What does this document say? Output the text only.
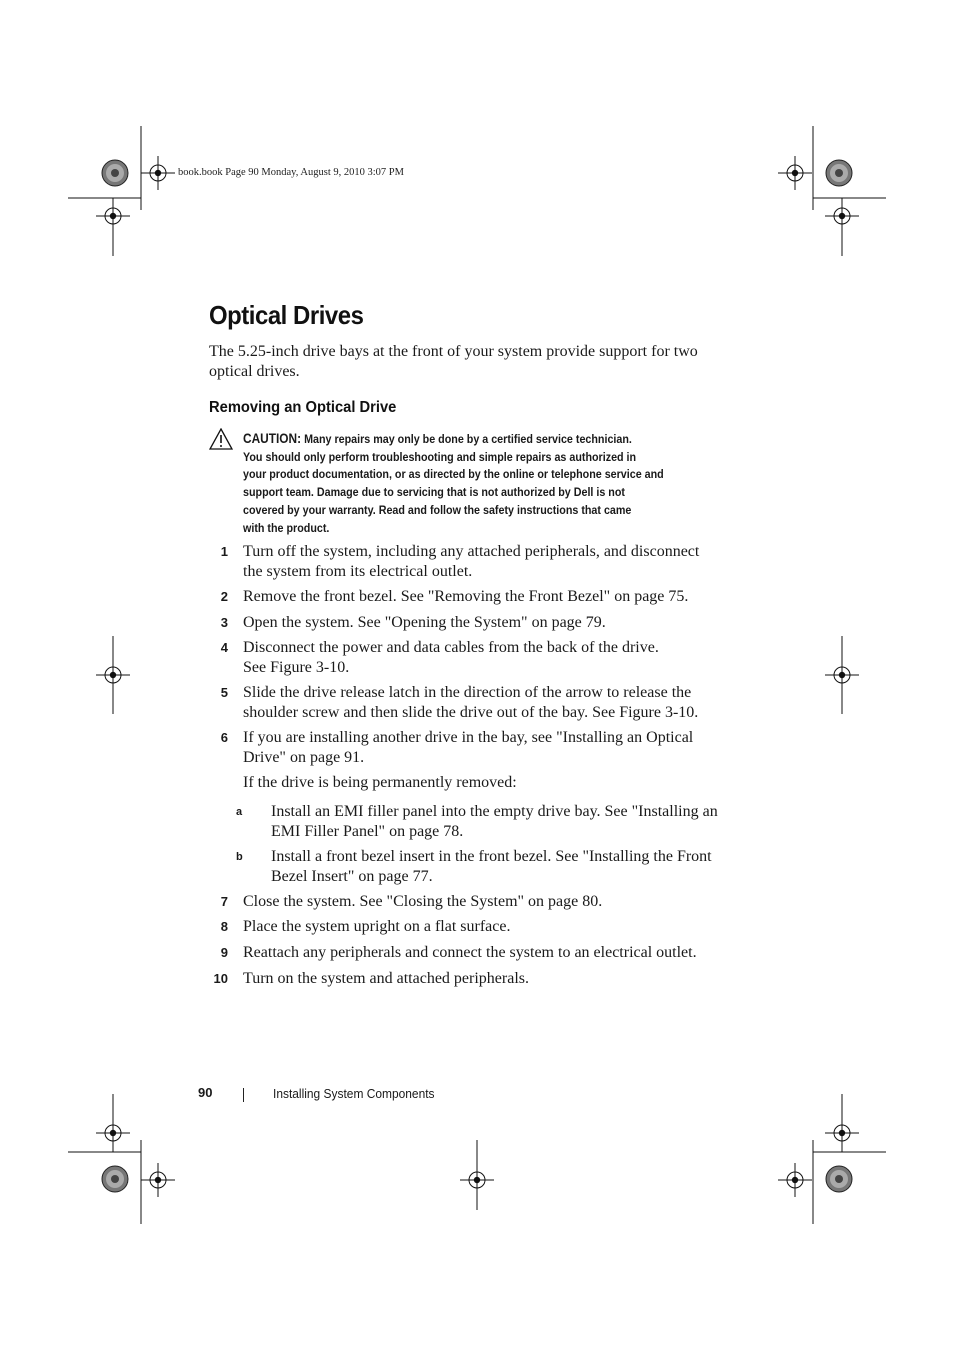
book.book Page 90 Monday, August 9, 2010 3:07 PM
Optical Drives

The 5.25-inch drive bays at the front of your system provide support for two optical drives.

Removing an Optical Drive
CAUTION: Many repairs may only be done by a certified service technician.
You should only perform troubleshooting and simple repairs as authorized in
your product documentation, or as directed by the online or telephone service and
support team. Damage due to servicing that is not authorized by Dell is not
covered by your warranty. Read and follow the safety instructions that came
with the product.
1 Turn off the system, including any attached peripherals, and disconnect
the system from its electrical outlet.

2 Remove the front bezel. See "Removing the Front Bezel" on page 75.

3 Open the system. See "Opening the System" on page 79.

4 Disconnect the power and data cables from the back of the drive.
See Figure 3-10.

5 Slide the drive release latch in the direction of the arrow to release the
shoulder screw and then slide the drive out of the bay. See Figure 3-10.

6 If you are installing another drive in the bay, see "Installing an Optical
Drive" on page 91.

If the drive is being permanently removed:

a	Install an EMI filler panel into the empty drive bay. See "Installing an
EMI Filler Panel" on page 78.

b	Install a front bezel insert in the front bezel. See "Installing the Front
Bezel Insert" on page 77.

7 Close the system. See "Closing the System" on page 80.

8 Place the system upright on a flat surface.

9 Reattach any peripherals and connect the system to an electrical outlet.

10 Turn on the system and attached peripherals.

90	Installing System Components
